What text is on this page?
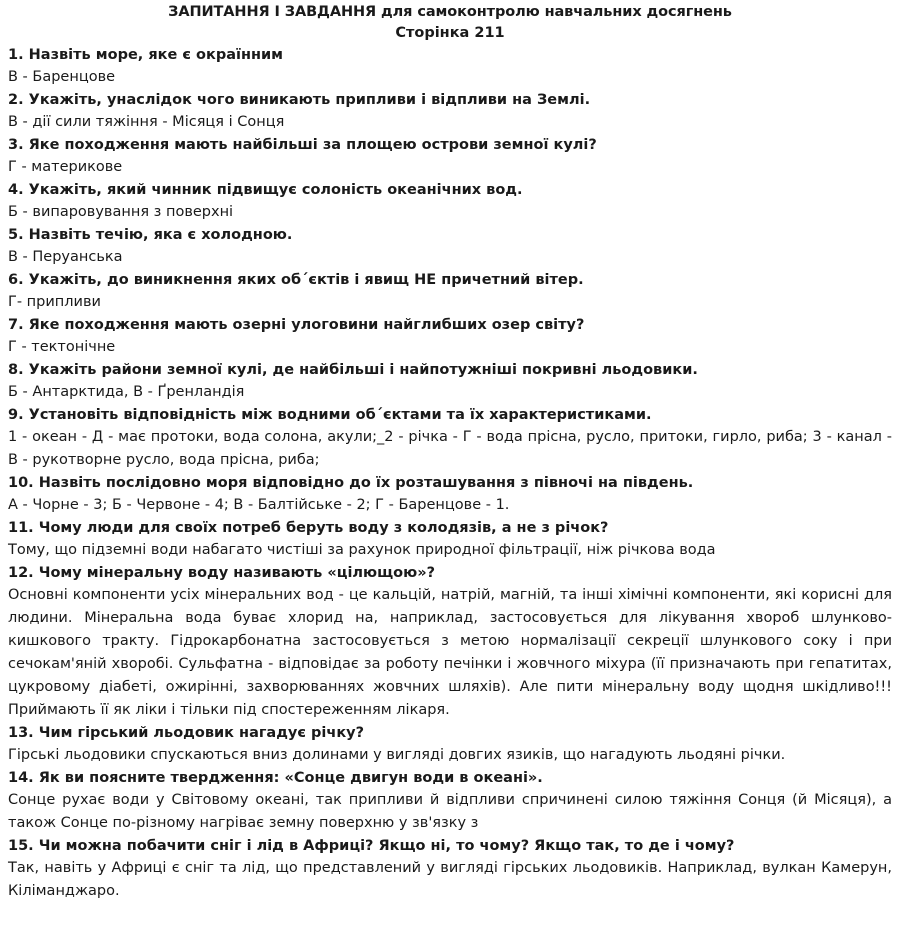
ЗАПИТАННЯ І ЗАВДАННЯ для самоконтролю навчальних досягнень
Сторінка 211

1. Назвіть море, яке є окраїнним

В - Баренцове

2. Укажіть, унаслідок чого виникають припливи і відпливи на Землі.

В - дії сили тяжіння - Місяця і Сонця

3. Яке походження мають найбільші за площею острови земної кулі?

Г - материкове

4. Укажіть, який чинник підвищує солоність океанічних вод.

Б - випаровування з поверхні

5. Назвіть течію, яка є холодною.

В - Перуанська

6. Укажіть, до виникнення яких об´єктів і явищ НЕ причетний вітер.

Г- припливи

7. Яке походження мають озерні улоговини найглибших озер світу?

Г - тектонічне

8. Укажіть райони земної кулі, де найбільші і найпотужніші покривні льодовики.

Б - Антарктида, В - Ґренландія

9. Установіть відповідність між водними об´єктами та їх характеристиками.

1 - океан - Д - має протоки, вода солона, акули;_2 - річка - Г - вода прісна, русло, притоки, гирло, риба; 3 - канал - В - рукотворне русло, вода прісна, риба;

10. Назвіть послідовно моря відповідно до їх розташування з півночі на південь.

А - Чорне - 3; Б - Червоне - 4; В - Балтійське - 2; Г - Баренцове - 1.

11. Чому люди для своїх потреб беруть воду з колодязів, а не з річок?

Тому, що підземні води набагато чистіші за рахунок природної фільтрації, ніж річкова вода

12. Чому мінеральну воду називають «цілющою»?

Основні компоненти усіх мінеральних вод - це кальцій, натрій, магній, та інші хімічні компоненти, які корисні для людини. Мінеральна вода буває хлорид на, наприклад, застосовується для лікування хвороб шлунково-кишкового тракту. Гідрокарбонатна застосовується з метою нормалізації секреції шлункового соку і при сечокам'яній хворобі. Сульфатна - відповідає за роботу печінки і жовчного міхура (її призначають при гепатитах, цукровому діабеті, ожирінні, захворюваннях жовчних шляхів). Але пити мінеральну воду щодня шкідливо!!! Приймають її як ліки і тільки під спостереженням лікаря.

13. Чим гірський льодовик нагадує річку?

Гірські льодовики спускаються вниз долинами у вигляді довгих язиків, що нагадують льодяні річки.

14. Як ви поясните твердження: «Сонце двигун води в океані».

Сонце рухає води у Світовому океані, так припливи й відпливи спричинені силою тяжіння Сонця (й Місяця), а також Сонце по-різному нагріває земну поверхню у зв'язку з

15. Чи можна побачити сніг і лід в Африці? Якщо ні, то чому? Якщо так, то де і чому?

Так, навіть у Африці є сніг та лід, що представлений у вигляді гірських льодовиків. Наприклад, вулкан Камерун, Кіліманджаро.
